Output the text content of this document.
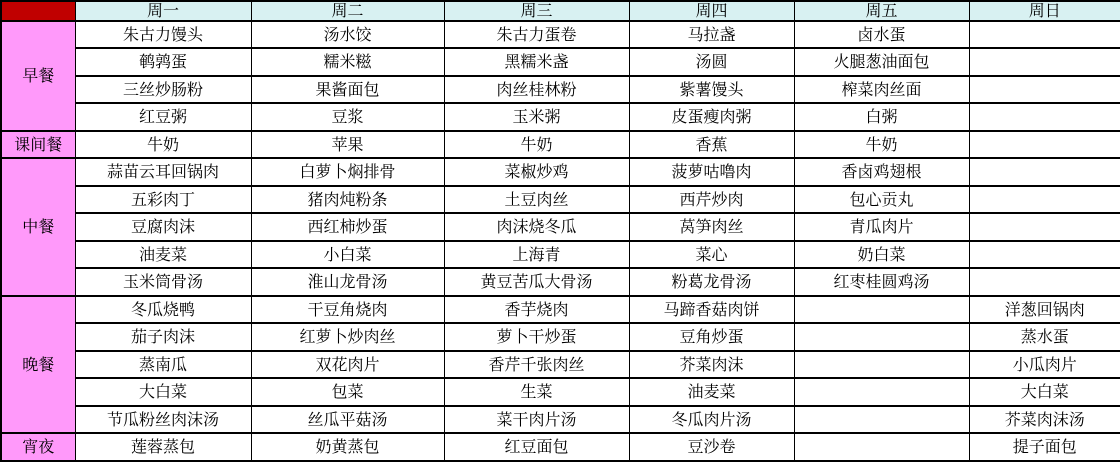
	周一	周二	周三	周四	周五	周日
早餐	朱古力馒头	汤水饺	朱古力蛋卷	马拉盏	卤水蛋	
	鹌鹑蛋	糯米糍	黑糯米盏	汤圆	火腿葱油面包	
	三丝炒肠粉	果酱面包	肉丝桂林粉	紫薯馒头	榨菜肉丝面	
	红豆粥	豆浆	玉米粥	皮蛋瘦肉粥	白粥	
课间餐	牛奶	苹果	牛奶	香蕉	牛奶	
中餐	蒜苗云耳回锅肉	白萝卜焖排骨	菜椒炒鸡	菠萝咕噜肉	香卤鸡翅根	
	五彩肉丁	猪肉炖粉条	土豆肉丝	西芹炒肉	包心贡丸	
	豆腐肉沫	西红柿炒蛋	肉沫烧冬瓜	莴笋肉丝	青瓜肉片	
	油麦菜	小白菜	上海青	菜心	奶白菜	
	玉米筒骨汤	淮山龙骨汤	黄豆苦瓜大骨汤	粉葛龙骨汤	红枣桂圆鸡汤	
晚餐	冬瓜烧鸭	干豆角烧肉	香芋烧肉	马蹄香菇肉饼		洋葱回锅肉
	茄子肉沫	红萝卜炒肉丝	萝卜干炒蛋	豆角炒蛋		蒸水蛋
	蒸南瓜	双花肉片	香芹千张肉丝	芥菜肉沫		小瓜肉片
	大白菜	包菜	生菜	油麦菜		大白菜
	节瓜粉丝肉沫汤	丝瓜平菇汤	菜干肉片汤	冬瓜肉片汤		芥菜肉沫汤
宵夜	莲蓉蒸包	奶黄蒸包	红豆面包	豆沙卷		提子面包
